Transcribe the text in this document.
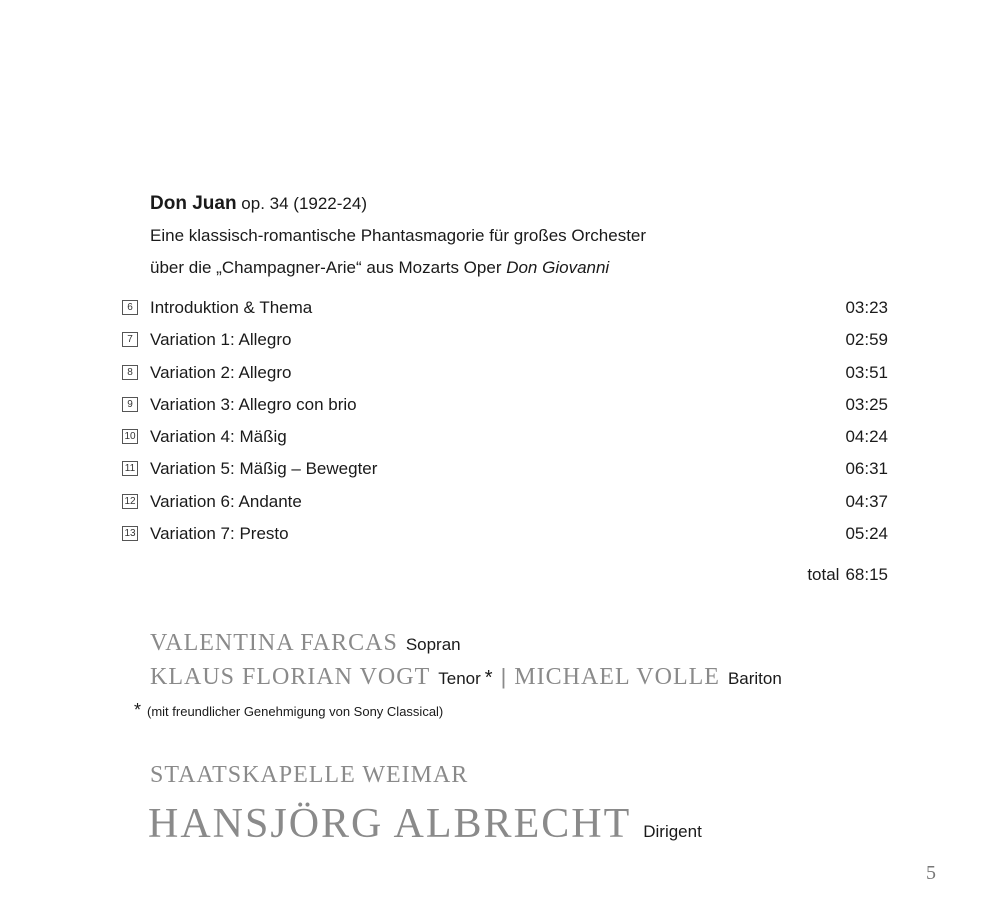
Don Juan op. 34 (1922-24)
Eine klassisch-romantische Phantasmagorie für großes Orchester
über die „Champagner-Arie“ aus Mozarts Oper Don Giovanni
6	Introduktion & Thema	03:23
7	Variation 1: Allegro	02:59
8	Variation 2: Allegro	03:51
9	Variation 3: Allegro con brio	03:25
10 Variation 4: Mäßig	04:24
11 Variation 5: Mäßig – Bewegter	06:31
12 Variation 6: Andante	04:37
13 Variation 7: Presto	05:24
total 68:15
VALENTINA FARCAS Sopran
KLAUS FLORIAN VOGT Tenor * | MICHAEL VOLLE Bariton
* (mit freundlicher Genehmigung von Sony Classical)
STAATSKAPELLE WEIMAR
HANSJÖRG ALBRECHT Dirigent
5
